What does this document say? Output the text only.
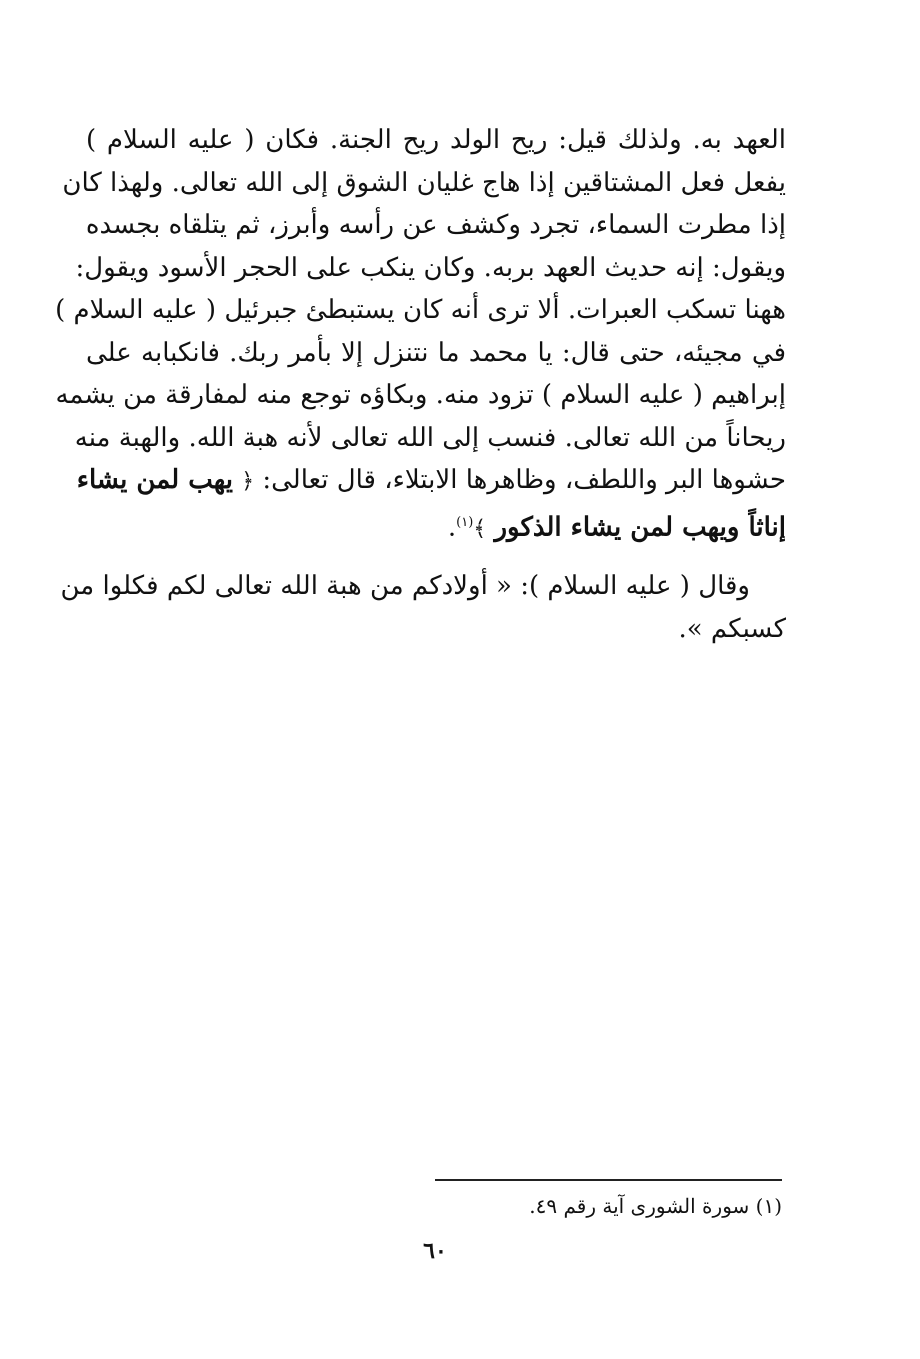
العهد به. ولذلك قيل: ريح الولد ريح الجنة. فكان ( عليه السلام )
يفعل فعل المشتاقين إذا هاج غليان الشوق إلى الله تعالى. ولهذا كان
إذا مطرت السماء، تجرد وكشف عن رأسه وأبرز، ثم يتلقاه بجسده
ويقول: إنه حديث العهد بربه. وكان ينكب على الحجر الأسود ويقول:
ههنا تسكب العبرات. ألا ترى أنه كان يستبطئ جبرئيل ( عليه السلام )
في مجيئه، حتى قال: يا محمد ما نتنزل إلا بأمر ربك. فانكبابه على
إبراهيم ( عليه السلام ) تزود منه. وبكاؤه توجع منه لمفارقة من يشمه
ريحاناً من الله تعالى. فنسب إلى الله تعالى لأنه هبة الله. والهبة منه
حشوها البر واللطف، وظاهرها الابتلاء، قال تعالى: ﴿ يهب لمن يشاء
إناثاً ويهب لمن يشاء الذكور ﴾$^{(١)}$.
وقال ( عليه السلام ): « أولادكم من هبة الله تعالى لكم فكلوا من
كسبكم ».
(١) سورة الشورى آية رقم ٤٩.
٦٠
